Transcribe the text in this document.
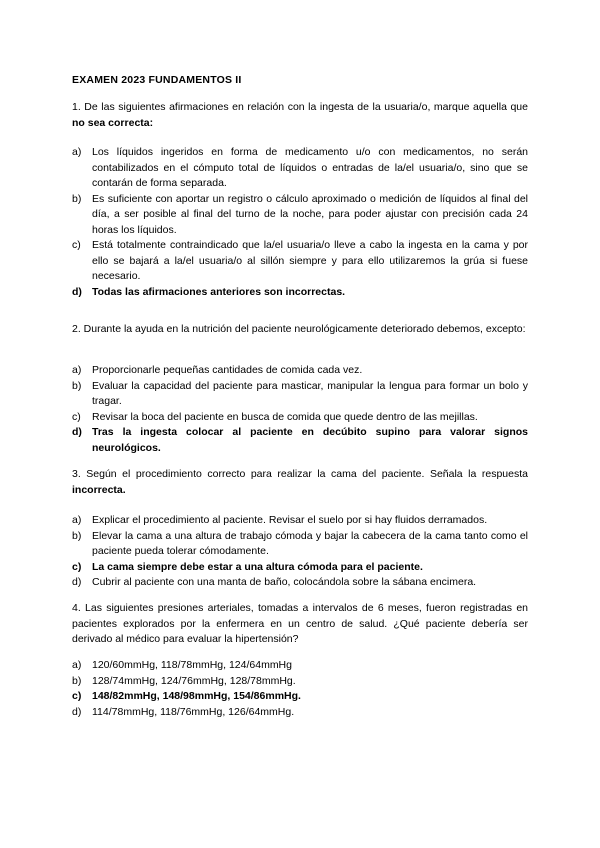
EXAMEN 2023 FUNDAMENTOS II
1. De las siguientes afirmaciones en relación con la ingesta de la usuaria/o, marque aquella que no sea correcta:
a)	Los líquidos ingeridos en forma de medicamento u/o con medicamentos, no serán contabilizados en el cómputo total de líquidos o entradas de la/el usuaria/o, sino que se contarán de forma separada.
b)	Es suficiente con aportar un registro o cálculo aproximado o medición de líquidos al final del día, a ser posible al final del turno de la noche, para poder ajustar con precisión cada 24 horas los líquidos.
c)	Está totalmente contraindicado que la/el usuaria/o lleve a cabo la ingesta en la cama y por ello se bajará a la/el usuaria/o al sillón siempre y para ello utilizaremos la grúa si fuese necesario.
d) Todas las afirmaciones anteriores son incorrectas.
2. Durante la ayuda en la nutrición del paciente neurológicamente deteriorado debemos, excepto:
a)	Proporcionarle pequeñas cantidades de comida cada vez.
b)	Evaluar la capacidad del paciente para masticar, manipular la lengua para formar un bolo y tragar.
c)	Revisar la boca del paciente en busca de comida que quede dentro de las mejillas.
d) Tras la ingesta colocar al paciente en decúbito supino para valorar signos neurológicos.
3. Según el procedimiento correcto para realizar la cama del paciente. Señala la respuesta incorrecta.
a)	Explicar el procedimiento al paciente. Revisar el suelo por si hay fluidos derramados.
b)	Elevar la cama a una altura de trabajo cómoda y bajar la cabecera de la cama tanto como el paciente pueda tolerar cómodamente.
c)	La cama siempre debe estar a una altura cómoda para el paciente.
d)	Cubrir al paciente con una manta de baño, colocándola sobre la sábana encimera.
4. Las siguientes presiones arteriales, tomadas a intervalos de 6 meses, fueron registradas en pacientes explorados por la enfermera en un centro de salud. ¿Qué paciente debería ser derivado al médico para evaluar la hipertensión?
a)	120/60mmHg, 118/78mmHg, 124/64mmHg
b)	128/74mmHg, 124/76mmHg, 128/78mmHg.
c)	148/82mmHg, 148/98mmHg, 154/86mmHg.
d)	114/78mmHg, 118/76mmHg, 126/64mmHg.
